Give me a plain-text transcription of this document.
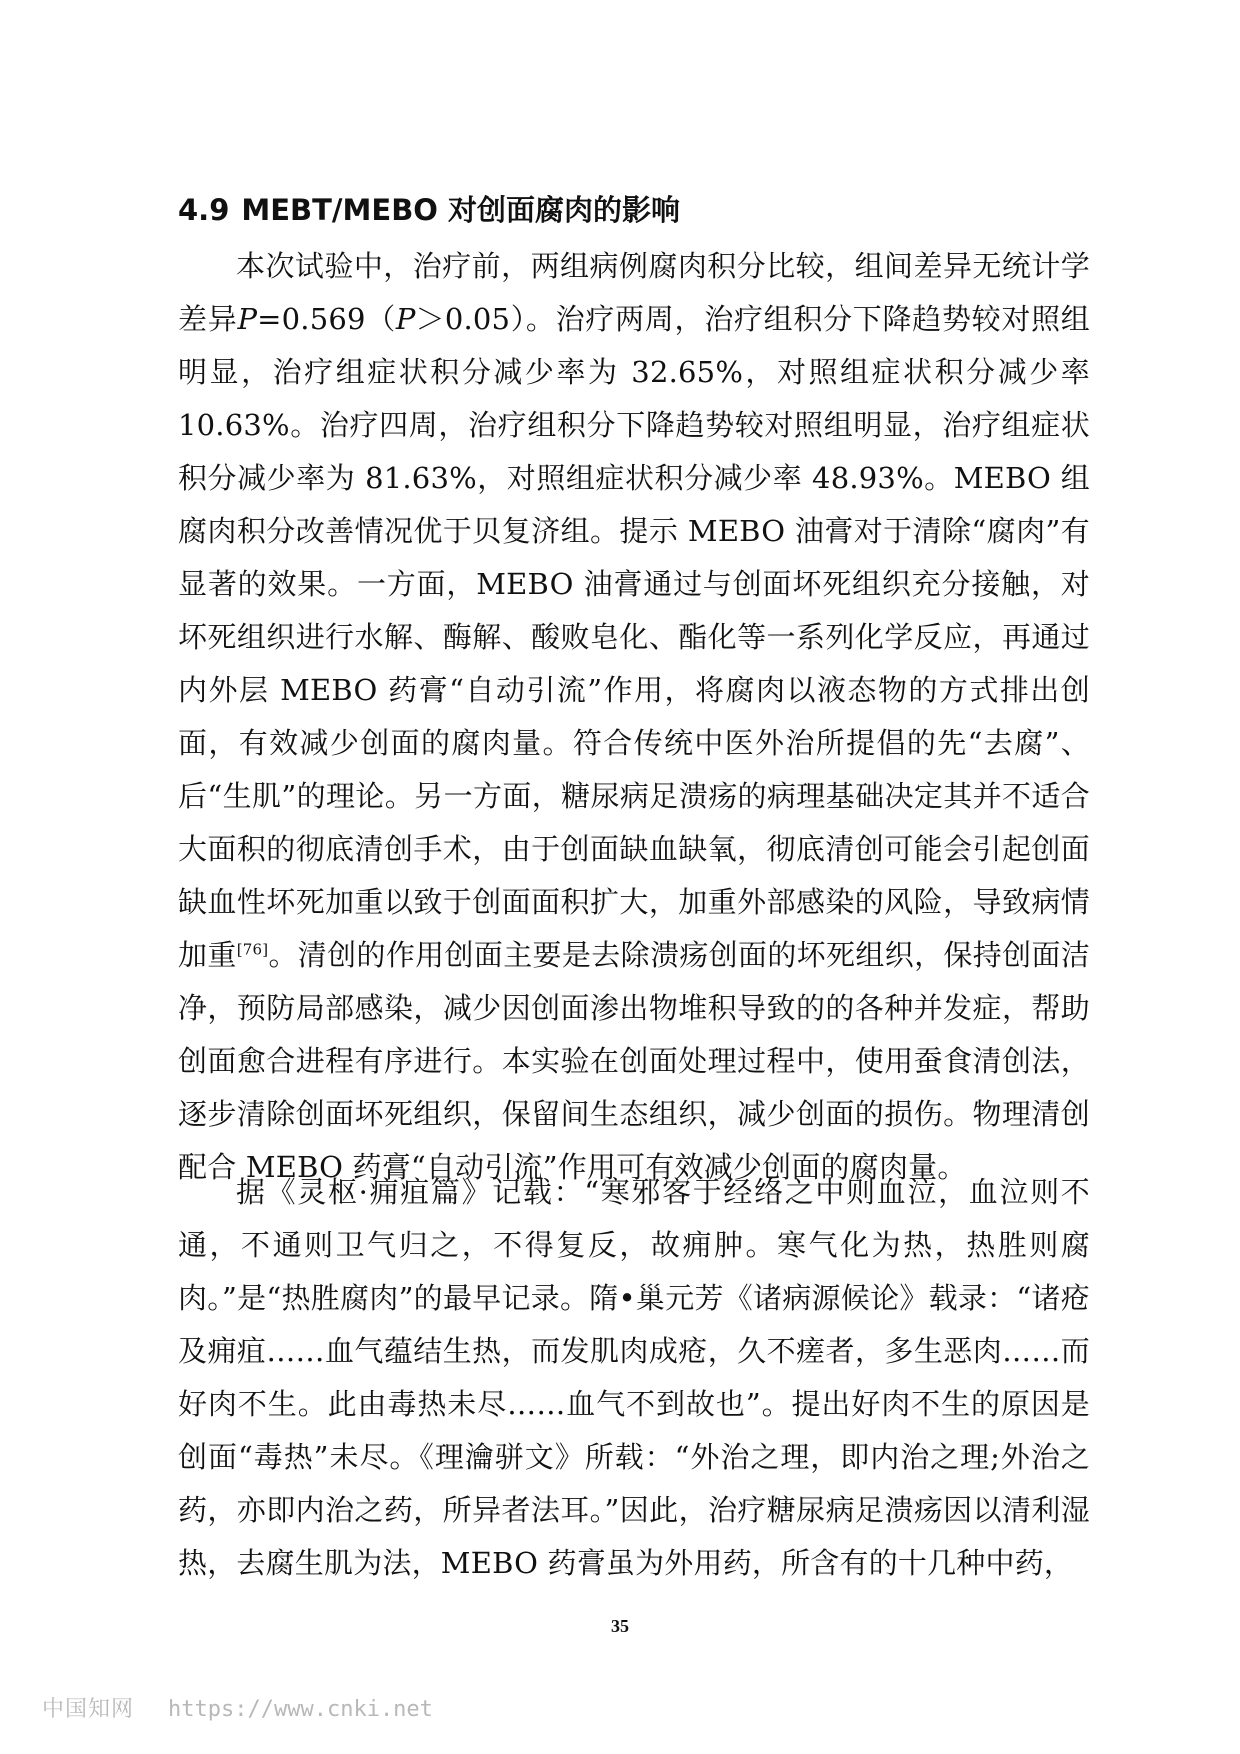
4.9 MEBT/MEBO 对创面腐肉的影响

本次试验中，治疗前，两组病例腐肉积分比较，组间差异无统计学差异P=0.569（P＞0.05）。治疗两周，治疗组积分下降趋势较对照组明显，治疗组症状积分减少率为 32.65%，对照组症状积分减少率 10.63%。治疗四周，治疗组积分下降趋势较对照组明显，治疗组症状积分减少率为 81.63%，对照组症状积分减少率 48.93%。MEBO 组腐肉积分改善情况优于贝复济组。提示 MEBO 油膏对于清除“腐肉”有显著的效果。一方面，MEBO 油膏通过与创面坏死组织充分接触，对坏死组织进行水解、酶解、酸败皂化、酯化等一系列化学反应，再通过内外层 MEBO 药膏“自动引流”作用，将腐肉以液态物的方式排出创面，有效减少创面的腐肉量。符合传统中医外治所提倡的先“去腐”、后“生肌”的理论。另一方面，糖尿病足溃疡的病理基础决定其并不适合大面积的彻底清创手术，由于创面缺血缺氧，彻底清创可能会引起创面缺血性坏死加重以致于创面面积扩大，加重外部感染的风险，导致病情加重[76]。清创的作用创面主要是去除溃疡创面的坏死组织，保持创面洁净，预防局部感染，减少因创面渗出物堆积导致的的各种并发症，帮助创面愈合进程有序进行。本实验在创面处理过程中，使用蚕食清创法，逐步清除创面坏死组织，保留间生态组织，减少创面的损伤。物理清创配合 MEBO 药膏“自动引流”作用可有效减少创面的腐肉量。

据《灵枢·痈疽篇》记载：“寒邪客于经络之中则血泣，血泣则不通，不通则卫气归之，不得复反，故痈肿。寒气化为热，热胜则腐肉。”是“热胜腐肉”的最早记录。隋•巢元芳《诸病源候论》载录：“诸疮及痈疽……血气蕴结生热，而发肌肉成疮，久不瘥者，多生恶肉……而好肉不生。此由毒热未尽……血气不到故也”。提出好肉不生的原因是创面“毒热”未尽。《理瀹骈文》所载：“外治之理，即内治之理;外治之药，亦即内治之药，所异者法耳。”因此，治疗糖尿病足溃疡因以清利湿热，去腐生肌为法，MEBO 药膏虽为外用药，所含有的十几种中药，

35
中国知网 https://www.cnki.net
